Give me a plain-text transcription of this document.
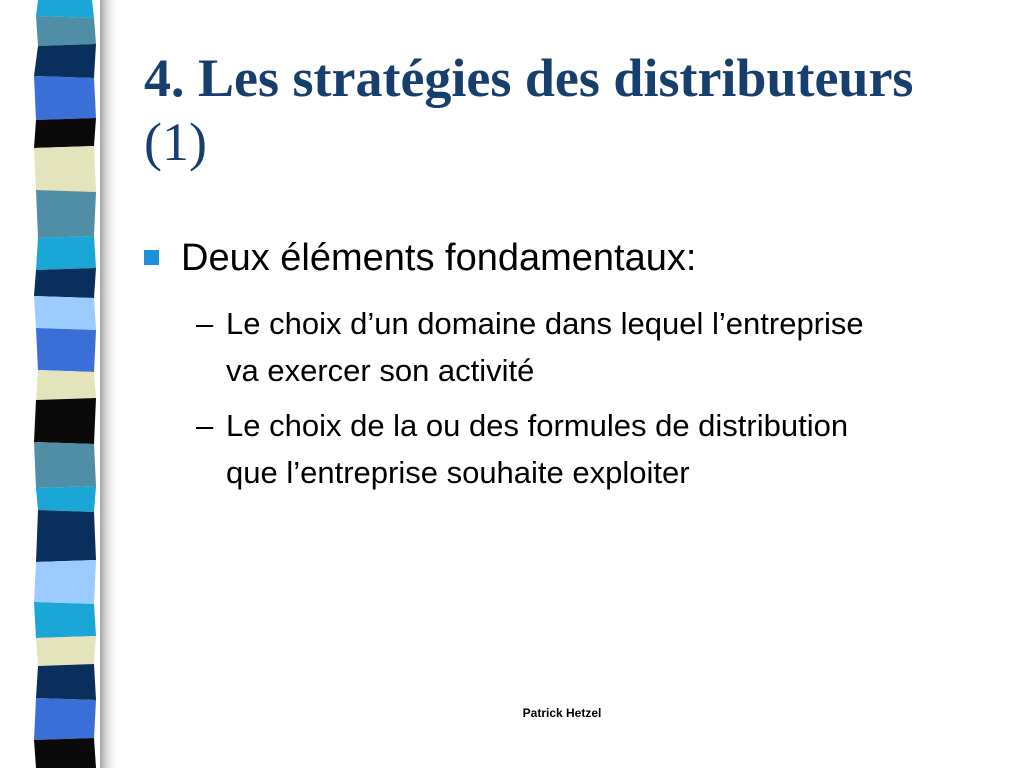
4. Les stratégies des distributeurs (1)
Deux éléments fondamentaux:
– Le choix d’un domaine dans lequel l’entreprise va exercer son activité
– Le choix de la ou des formules de distribution que l’entreprise souhaite exploiter
Patrick Hetzel
